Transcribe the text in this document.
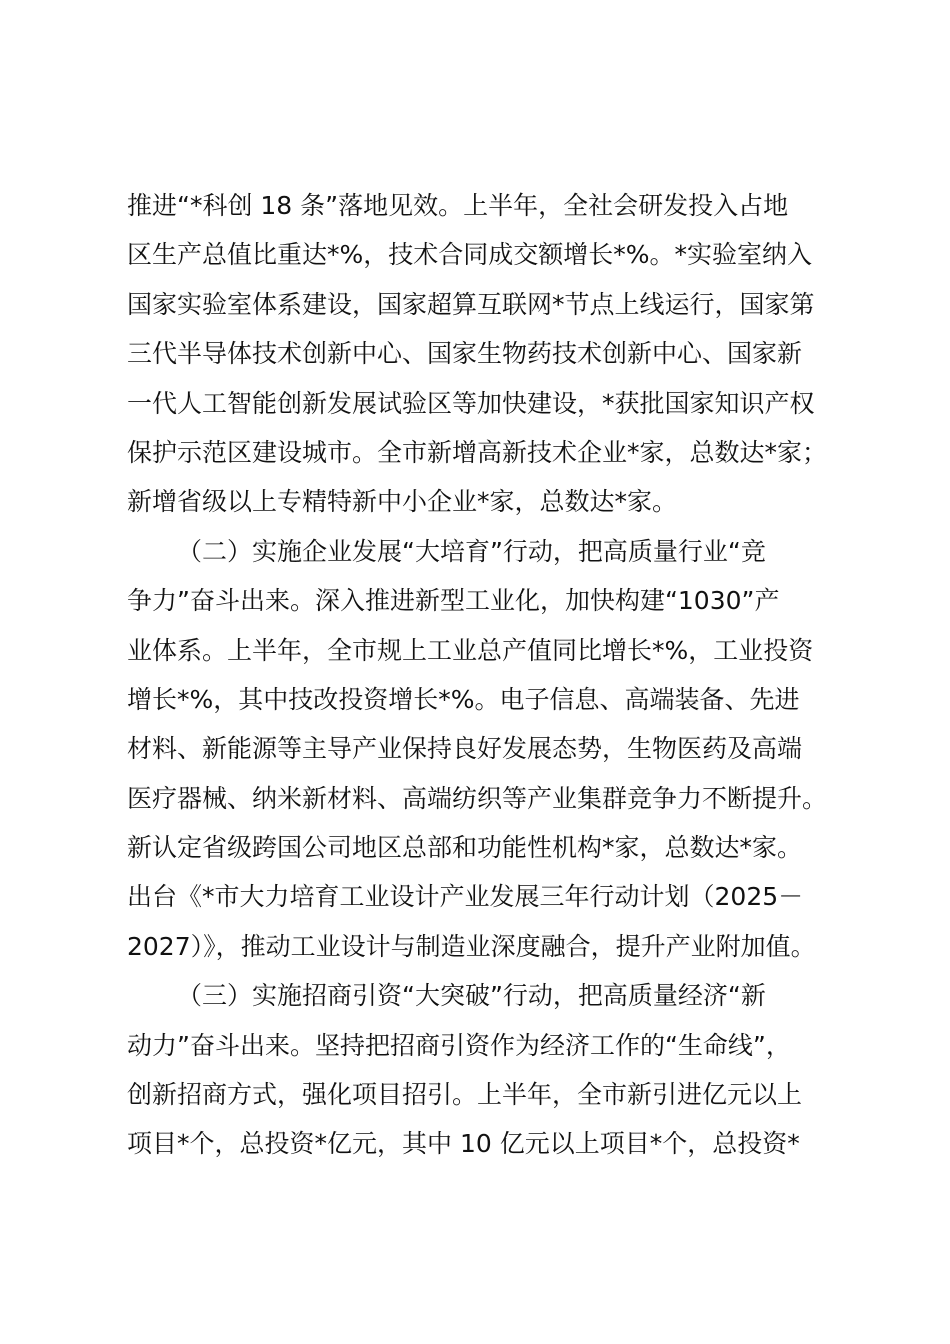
推进“*科创 18 条”落地见效。上半年，全社会研发投入占地
区生产总值比重达*%，技术合同成交额增长*%。*实验室纳入
国家实验室体系建设，国家超算互联网*节点上线运行，国家第
三代半导体技术创新中心、国家生物药技术创新中心、国家新
一代人工智能创新发展试验区等加快建设，*获批国家知识产权
保护示范区建设城市。全市新增高新技术企业*家，总数达*家；
新增省级以上专精特新中小企业*家，总数达*家。
（二）实施企业发展“大培育”行动，把高质量行业“竞
争力”奋斗出来。深入推进新型工业化，加快构建“1030”产
业体系。上半年，全市规上工业总产值同比增长*%，工业投资
增长*%，其中技改投资增长*%。电子信息、高端装备、先进
材料、新能源等主导产业保持良好发展态势，生物医药及高端
医疗器械、纳米新材料、高端纺织等产业集群竞争力不断提升。
新认定省级跨国公司地区总部和功能性机构*家，总数达*家。
出台《*市大力培育工业设计产业发展三年行动计划（2025－
2027）》，推动工业设计与制造业深度融合，提升产业附加值。
（三）实施招商引资“大突破”行动，把高质量经济“新
动力”奋斗出来。坚持把招商引资作为经济工作的“生命线”，
创新招商方式，强化项目招引。上半年，全市新引进亿元以上
项目*个，总投资*亿元，其中 10 亿元以上项目*个，总投资*
